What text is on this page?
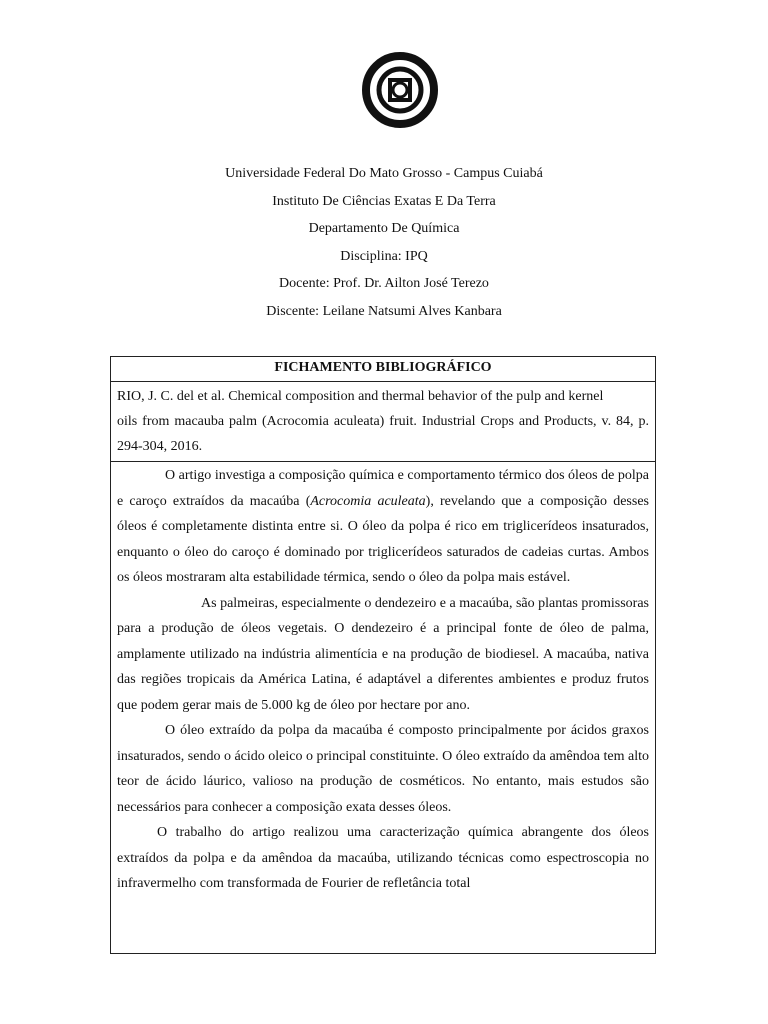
Universidade Federal Do Mato Grosso - Campus Cuiabá
Instituto De Ciências Exatas E Da Terra
Departamento De Química
Disciplina: IPQ
Docente: Prof. Dr. Ailton José Terezo
Discente: Leilane Natsumi Alves Kanbara
FICHAMENTO BIBLIOGRÁFICO
RIO, J. C. del et al. Chemical composition and thermal behavior of the pulp and kernel
oils from macauba palm (Acrocomia aculeata) fruit. Industrial Crops and Products, v. 84, p. 294-304, 2016.

O artigo investiga a composição química e comportamento térmico dos óleos de polpa e caroço extraídos da macaúba (Acrocomia aculeata), revelando que a composição desses óleos é completamente distinta entre si. O óleo da polpa é rico em triglicerídeos insaturados, enquanto o óleo do caroço é dominado por triglicerídeos saturados de cadeias curtas. Ambos os óleos mostraram alta estabilidade térmica, sendo o óleo da polpa mais estável.

As palmeiras, especialmente o dendezeiro e a macaúba, são plantas promissoras para a produção de óleos vegetais. O dendezeiro é a principal fonte de óleo de palma, amplamente utilizado na indústria alimentícia e na produção de biodiesel. A macaúba, nativa das regiões tropicais da América Latina, é adaptável a diferentes ambientes e produz frutos que podem gerar mais de 5.000 kg de óleo por hectare por ano.

O óleo extraído da polpa da macaúba é composto principalmente por ácidos graxos insaturados, sendo o ácido oleico o principal constituinte. O óleo extraído da amêndoa tem alto teor de ácido láurico, valioso na produção de cosméticos. No entanto, mais estudos são necessários para conhecer a composição exata desses óleos.

O trabalho do artigo realizou uma caracterização química abrangente dos óleos extraídos da polpa e da amêndoa da macaúba, utilizando técnicas como espectroscopia no infravermelho com transformada de Fourier de refletância total
